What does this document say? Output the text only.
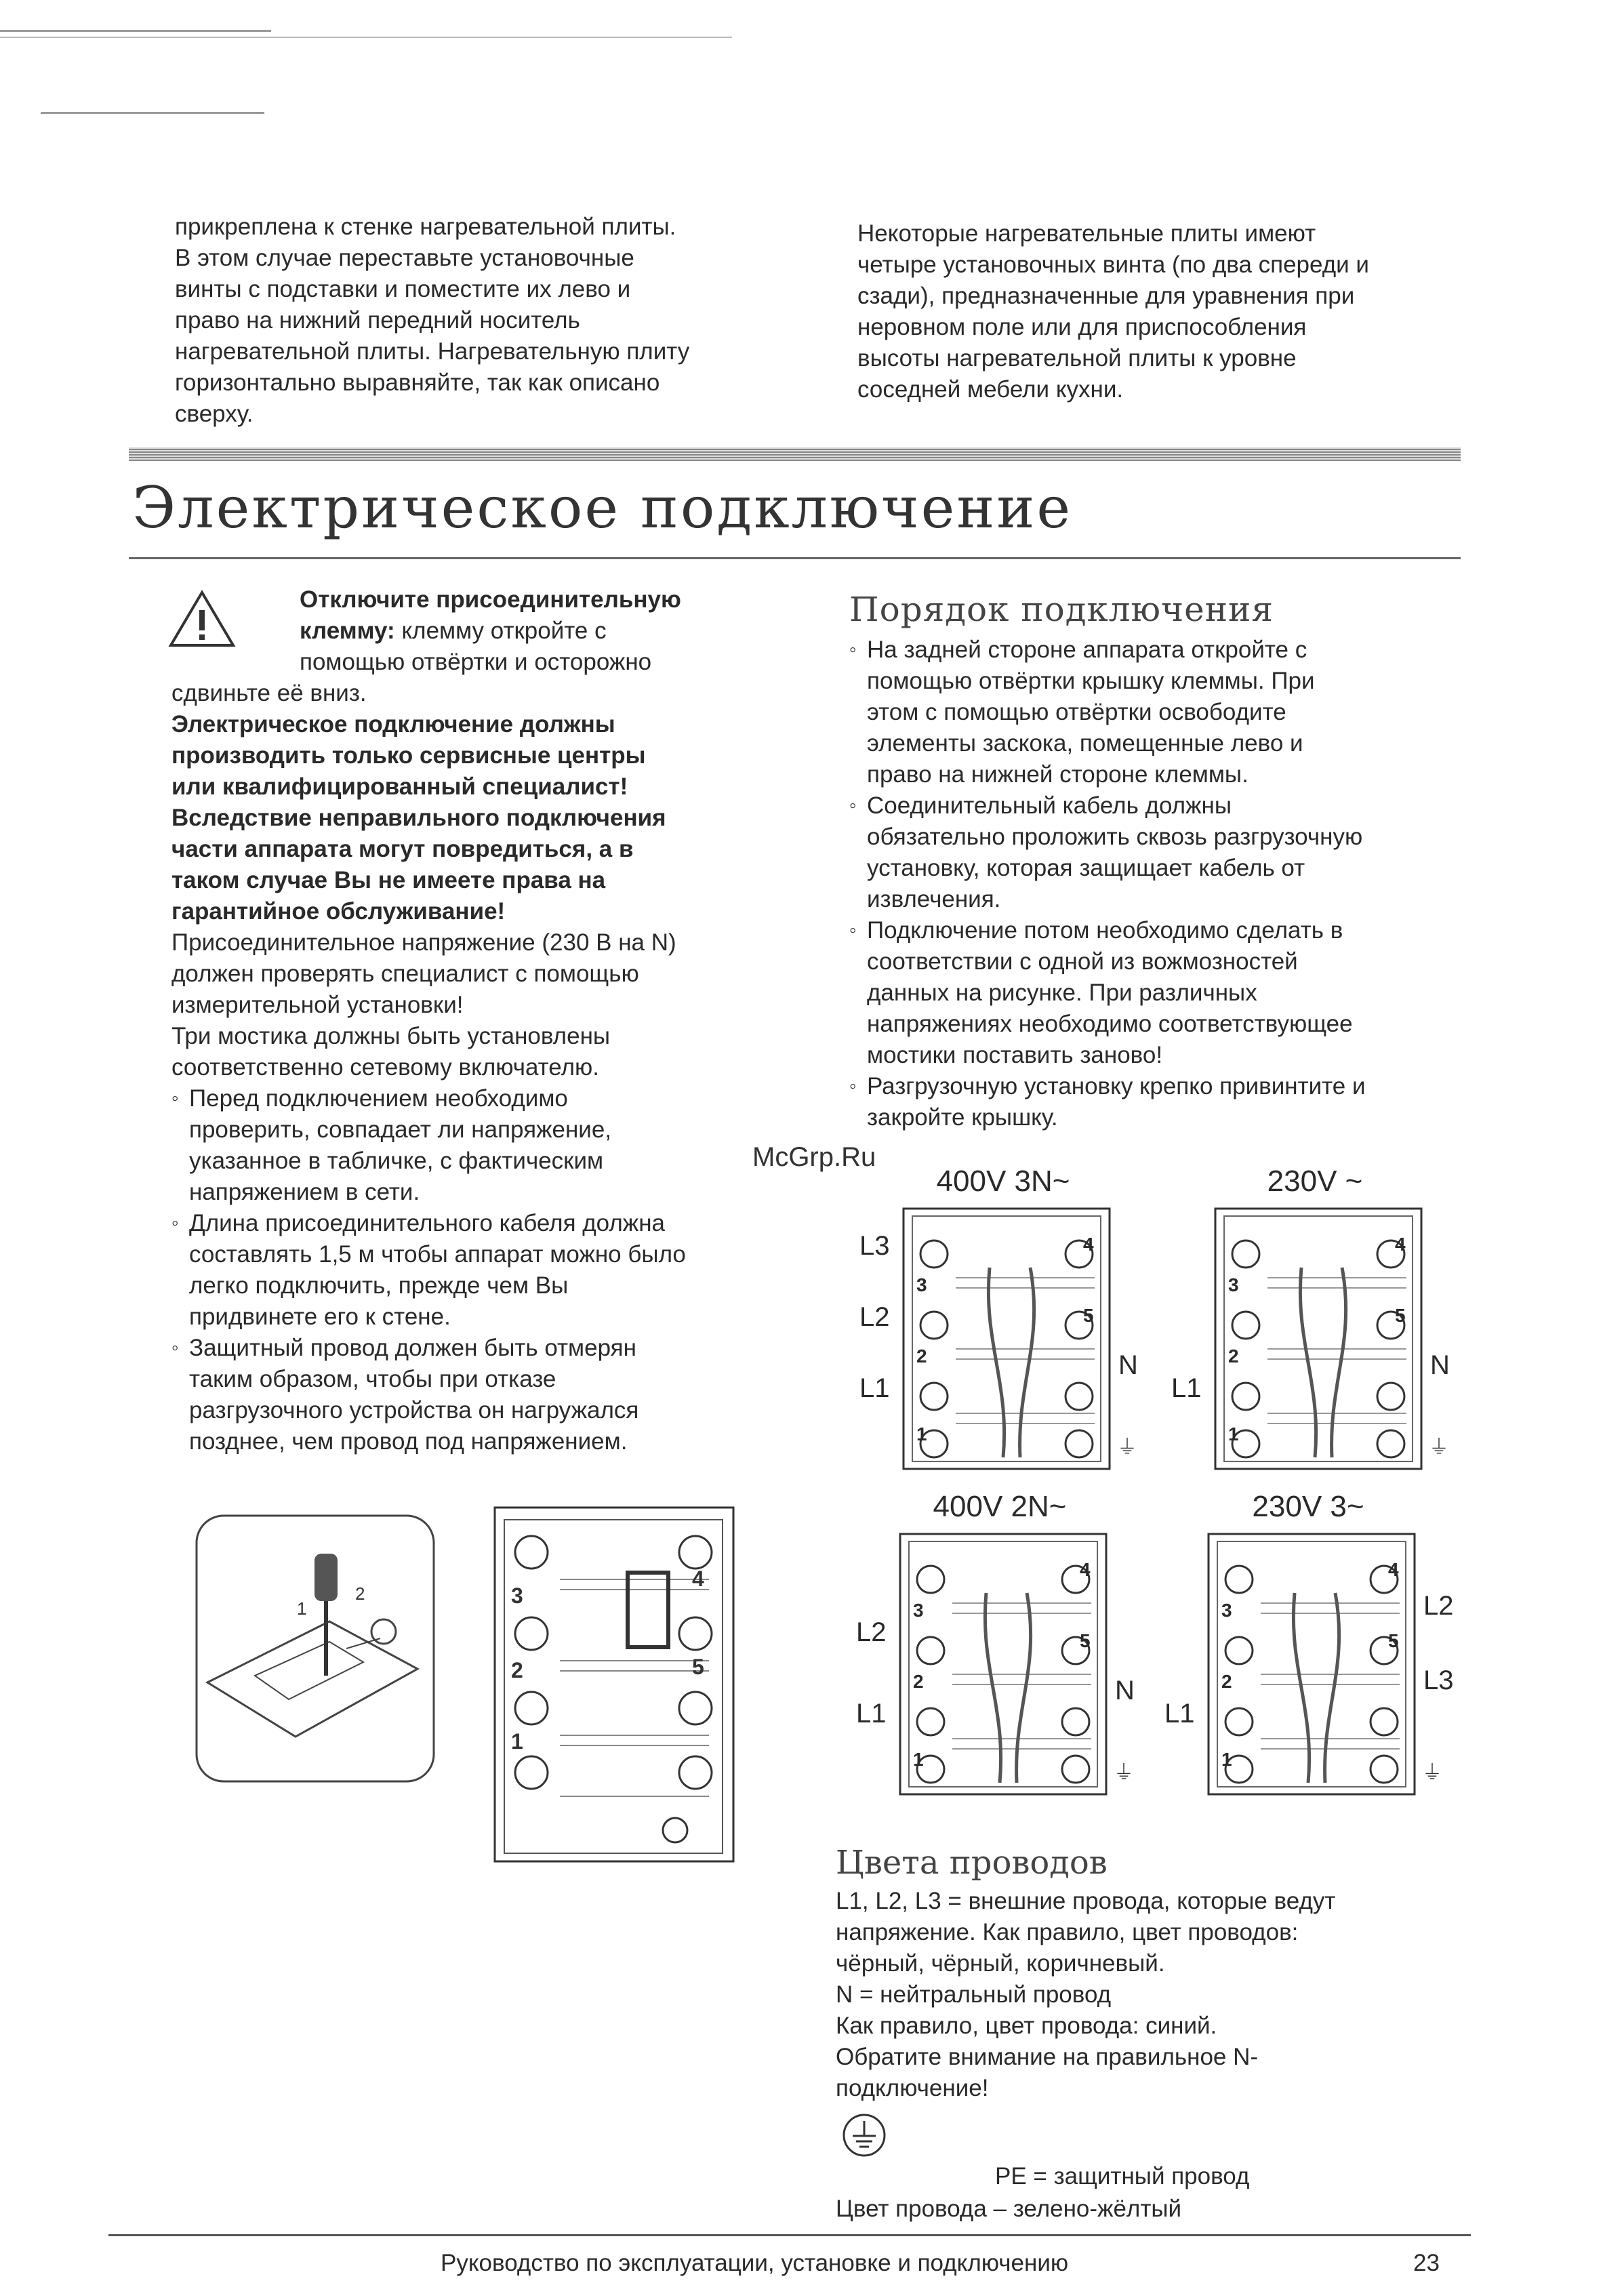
прикреплена к стенке нагревательной плиты.
В этом случае переставьте установочные
винты с подставки и поместите их лево и
право на нижний передний носитель
нагревательной плиты. Нагревательную плиту
горизонтально выравняйте, так как описано
сверху.
Некоторые нагревательные плиты имеют
четыре установочных винта (по два спереди и
сзади), предназначенные для уравнения при
неровном поле или для приспособления
высоты нагревательной плиты к уровне
соседней мебели кухни.
Электрическое подключение
Отключите присоединительную
клемму: клемму откройте с
помощью отвёртки и осторожно
сдвиньте её вниз.
Электрическое подключение должны
производить только сервисные центры
или квалифицированный специалист!
Вследствие неправильного подключения
части аппарата могут повредиться, а в
таком случае Вы не имеете права на
гарантийное обслуживание!
Присоединительное напряжение (230 В на N)
должен проверять специалист с помощью
измерительной установки!
Три мостика должны быть установлены
соответственно сетевому включателю.
◦ Перед подключением необходимо
проверить, совпадает ли напряжение,
указанное в табличке, с фактическим
напряжением в сети.
◦ Длина присоединительного кабеля должна
составлять 1,5 м чтобы аппарат можно было
легко подключить, прежде чем Вы
придвинете его к стене.
◦ Защитный провод должен быть отмерян
таким образом, чтобы при отказе
разгрузочного устройства он нагружался
позднее, чем провод под напряжением.
Порядок подключения
◦ На задней стороне аппарата откройте с
помощью отвёртки крышку клеммы. При
этом с помощью отвёртки освободите
элементы заскока, помещенные лево и
право на нижней стороне клеммы.
◦ Соединительный кабель должны
обязательно проложить сквозь разгрузочную
установку, которая защищает кабель от
извлечения.
◦ Подключение потом необходимо сделать в
соответствии с одной из вожмозностей
данных на рисунке. При различных
напряжениях необходимо соответствующее
мостики поставить заново!
◦ Разгрузочную установку крепко привинтите и
закройте крышку.
McGrp.Ru
1
2
4
3
5
2
1
400V 3N~
4
3
5
2
1
L3
L2
L1
N
⏚
230V ~
4
3
5
2
1
L1
N
⏚
400V 2N~
4
3
5
2
1
L2
L1
N
⏚
230V 3~
4
3
5
2
1
L1
L2
L3
⏚
Цвета проводов
L1, L2, L3 = внешние провода, которые ведут
напряжение. Как правило, цвет проводов:
чёрный, чёрный, коричневый.
N = нейтральный провод
Как правило, цвет провода: синий.
Обратите внимание на правильное N-
подключение!
PE = защитный провод
Цвет провода – зелено-жёлтый
Руководство по эксплуатации, установке и подключению	23
